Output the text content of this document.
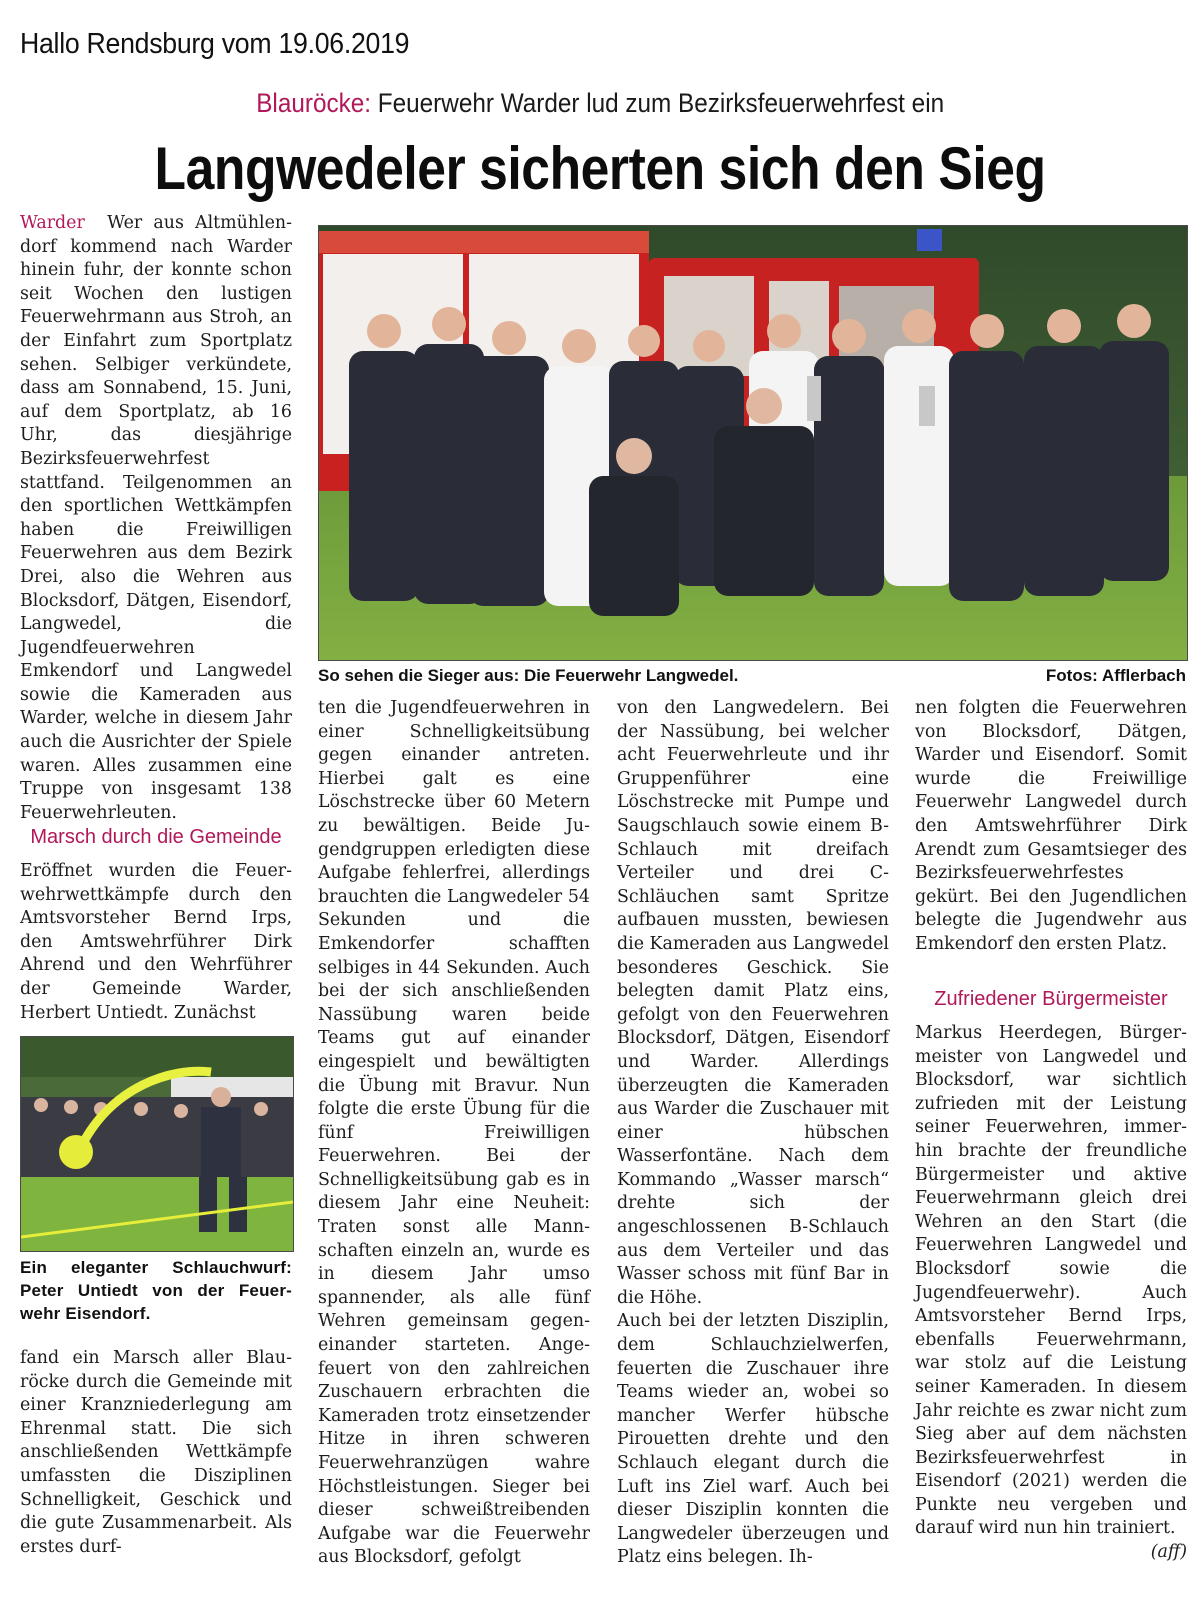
Hallo Rendsburg vom 19.06.2019
Blauröcke: Feuerwehr Warder lud zum Bezirksfeuerwehrfest ein
Langwedeler sicherten sich den Sieg
So sehen die Sieger aus: Die Feuerwehr Langwedel.	Fotos: Afflerbach

Warder Wer aus Altmühlendorf kommend nach Warder hinein fuhr, der konnte schon seit Wochen den lustigen Feuerwehrmann aus Stroh, an der Einfahrt zum Sportplatz sehen. Selbiger verkündete, dass am Sonnabend, 15. Juni, auf dem Sportplatz, ab 16 Uhr, das diesjährige Bezirksfeuerwehrfest stattfand. Teilgenommen an den sportlichen Wettkämpfen haben die Freiwilligen Feuerwehren aus dem Bezirk Drei, also die Wehren aus Blocksdorf, Dätgen, Eisendorf, Langwedel, die Jugendfeuerwehren Emkendorf und Langwedel sowie die Kameraden aus Warder, welche in diesem Jahr auch die Ausrichter der Spiele waren. Alles zusammen eine Truppe von insgesamt 138 Feuerwehrleuten.

Marsch durch die Gemeinde

Eröffnet wurden die Feuerwehrwettkämpfe durch den Amtsvorsteher Bernd Irps, den Amtswehrführer Dirk Ahrend und den Wehrführer der Gemeinde Warder, Herbert Untiedt. Zunächst

Ein eleganter Schlauchwurf: Peter Untiedt von der Feuer-wehr Eisendorf.

fand ein Marsch aller Blauröcke durch die Gemeinde mit einer Kranzniederlegung am Ehrenmal statt. Die sich anschließenden Wettkämpfe umfassten die Disziplinen Schnelligkeit, Geschick und die gute Zusammenarbeit. Als erstes durf-

ten die Jugendfeuerwehren in einer Schnelligkeitsübung gegen einander antreten. Hierbei galt es eine Löschstrecke über 60 Metern zu bewältigen. Beide Jugendgruppen erledigten diese Aufgabe fehlerfrei, allerdings brauchten die Langwedeler 54 Sekunden und die Emkendorfer schafften selbiges in 44 Sekunden. Auch bei der sich anschließenden Nassübung waren beide Teams gut auf einander eingespielt und bewältigten die Übung mit Bravur. Nun folgte die erste Übung für die fünf Freiwilligen Feuerwehren. Bei der Schnelligkeitsübung gab es in diesem Jahr eine Neuheit: Traten sonst alle Mannschaften einzeln an, wurde es in diesem Jahr umso spannender, als alle fünf Wehren gemeinsam gegeneinander starteten. Angefeuert von den zahlreichen Zuschauern erbrachten die Kameraden trotz einsetzender Hitze in ihren schweren Feuerwehranzügen wahre Höchstleistungen. Sieger bei dieser schweißtreibenden Aufgabe war die Feuerwehr aus Blocksdorf, gefolgt

von den Langwedelern. Bei der Nassübung, bei welcher acht Feuerwehrleute und ihr Gruppenführer eine Löschstrecke mit Pumpe und Saugschlauch sowie einem B-Schlauch mit dreifach Verteiler und drei C-Schläuchen samt Spritze aufbauen mussten, bewiesen die Kameraden aus Langwedel besonderes Geschick. Sie belegten damit Platz eins, gefolgt von den Feuerwehren Blocksdorf, Dätgen, Eisendorf und Warder. Allerdings überzeugten die Kameraden aus Warder die Zuschauer mit einer hübschen Wasserfontäne. Nach dem Kommando „Wasser marsch“ drehte sich der angeschlossenen B-Schlauch aus dem Verteiler und das Wasser schoss mit fünf Bar in die Höhe.

Auch bei der letzten Disziplin, dem Schlauchzielwerfen, feuerten die Zuschauer ihre Teams wieder an, wobei so mancher Werfer hübsche Pirouetten drehte und den Schlauch elegant durch die Luft ins Ziel warf. Auch bei dieser Disziplin konnten die Langwedeler überzeugen und Platz eins belegen. Ih-

nen folgten die Feuerwehren von Blocksdorf, Dätgen, Warder und Eisendorf. Somit wurde die Freiwillige Feuerwehr Langwedel durch den Amtswehrführer Dirk Arendt zum Gesamtsieger des Bezirksfeuerwehrfestes gekürt. Bei den Jugendlichen belegte die Jugendwehr aus Emkendorf den ersten Platz.

Zufriedener Bürgermeister

Markus Heerdegen, Bürgermeister von Langwedel und Blocksdorf, war sichtlich zufrieden mit der Leistung seiner Feuerwehren, immerhin brachte der freundliche Bürgermeister und aktive Feuerwehrmann gleich drei Wehren an den Start (die Feuerwehren Langwedel und Blocksdorf sowie die Jugendfeuerwehr). Auch Amtsvorsteher Bernd Irps, ebenfalls Feuerwehrmann, war stolz auf die Leistung seiner Kameraden. In diesem Jahr reichte es zwar nicht zum Sieg aber auf dem nächsten Bezirksfeuerwehrfest in Eisendorf (2021) werden die Punkte neu vergeben und darauf wird nun hin trainiert.
(aff)
